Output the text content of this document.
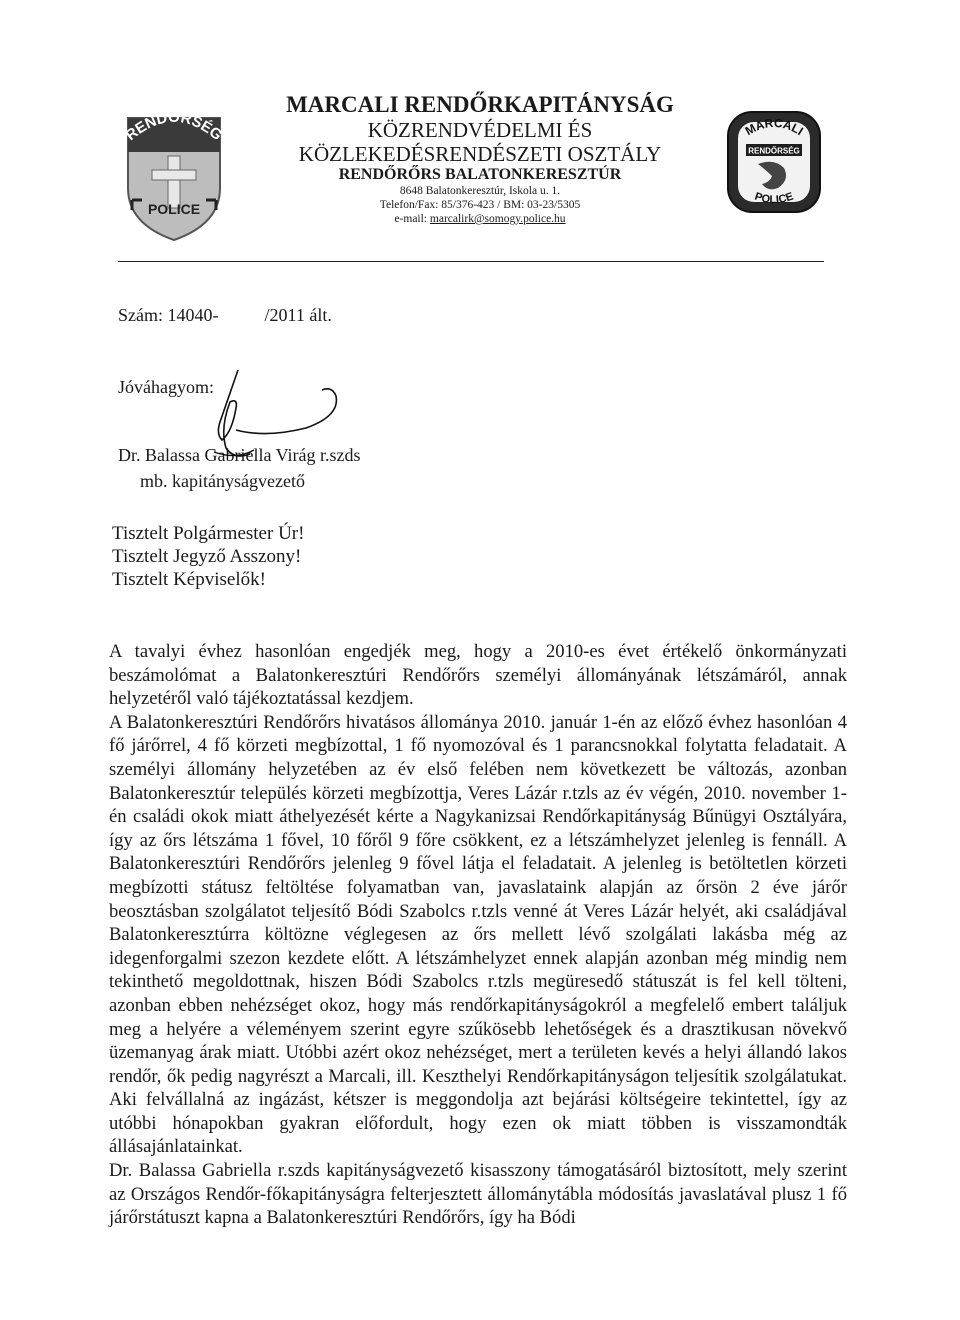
RENDŐRSÉG
POLICE
MARCALI RENDŐRKAPITÁNYSÁG
KÖZRENDVÉDELMI ÉS
KÖZLEKEDÉSRENDÉSZETI OSZTÁLY
RENDŐRŐRS BALATONKERESZTÚR
8648 Balatonkeresztúr, Iskola u. 1.
Telefon/Fax: 85/376-423 / BM: 03-23/5305
e-mail: marcalirk@somogy.police.hu
MARCALI
RENDŐRSÉG
POLICE
Szám: 14040-	/2011 ált.
Jóváhagyom:
Dr. Balassa Gabriella Virág r.szds
mb. kapitányságvezető
Tisztelt Polgármester Úr!
Tisztelt Jegyző Asszony!
Tisztelt Képviselők!

A tavalyi évhez hasonlóan engedjék meg, hogy a 2010-es évet értékelő önkormányzati beszámolómat a Balatonkeresztúri Rendőrőrs személyi állományának létszámáról, annak helyzetéről való tájékoztatással kezdjem.

A Balatonkeresztúri Rendőrőrs hivatásos állománya 2010. január 1-én az előző évhez hasonlóan 4 fő járőrrel, 4 fő körzeti megbízottal, 1 fő nyomozóval és 1 parancsnokkal folytatta feladatait. A személyi állomány helyzetében az év első felében nem következett be változás, azonban Balatonkeresztúr település körzeti megbízottja, Veres Lázár r.tzls az év végén, 2010. november 1-én családi okok miatt áthelyezését kérte a Nagykanizsai Rendőrkapitányság Bűnügyi Osztályára, így az őrs létszáma 1 fővel, 10 főről 9 főre csökkent, ez a létszámhelyzet jelenleg is fennáll. A Balatonkeresztúri Rendőrőrs jelenleg 9 fővel látja el feladatait. A jelenleg is betöltetlen körzeti megbízotti státusz feltöltése folyamatban van, javaslataink alapján az őrsön 2 éve járőr beosztásban szolgálatot teljesítő Bódi Szabolcs r.tzls venné át Veres Lázár helyét, aki családjával Balatonkeresztúrra költözne véglegesen az őrs mellett lévő szolgálati lakásba még az idegenforgalmi szezon kezdete előtt. A létszámhelyzet ennek alapján azonban még mindig nem tekinthető megoldottnak, hiszen Bódi Szabolcs r.tzls megüresedő státuszát is fel kell tölteni, azonban ebben nehézséget okoz, hogy más rendőrkapitányságokról a megfelelő embert találjuk meg a helyére a véleményem szerint egyre szűkösebb lehetőségek és a drasztikusan növekvő üzemanyag árak miatt. Utóbbi azért okoz nehézséget, mert a területen kevés a helyi állandó lakos rendőr, ők pedig nagyrészt a Marcali, ill. Keszthelyi Rendőrkapitányságon teljesítik szolgálatukat. Aki felvállalná az ingázást, kétszer is meggondolja azt bejárási költségeire tekintettel, így az utóbbi hónapokban gyakran előfordult, hogy ezen ok miatt többen is visszamondták állásajánlatainkat.

Dr. Balassa Gabriella r.szds kapitányságvezető kisasszony támogatásáról biztosított, mely szerint az Országos Rendőr-főkapitányságra felterjesztett állománytábla módosítás javaslatával plusz 1 fő járőrstátuszt kapna a Balatonkeresztúri Rendőrőrs, így ha Bódi
